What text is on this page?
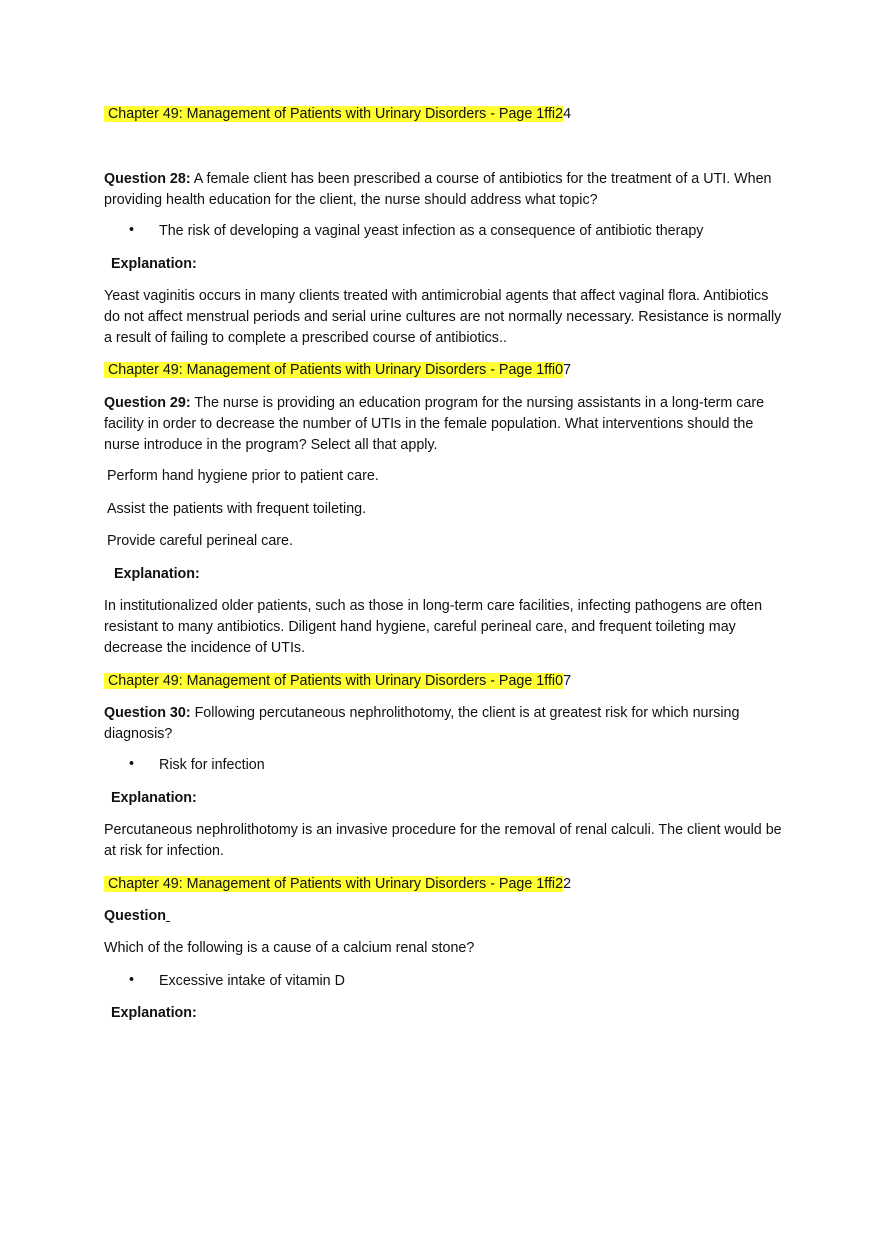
Chapter 49: Management of Patients with Urinary Disorders - Page 1ffi24
Question 28: A female client has been prescribed a course of antibiotics for the treatment of a UTI. When providing health education for the client, the nurse should address what topic?
• The risk of developing a vaginal yeast infection as a consequence of antibiotic therapy
Explanation:
Yeast vaginitis occurs in many clients treated with antimicrobial agents that affect vaginal flora. Antibiotics do not affect menstrual periods and serial urine cultures are not normally necessary. Resistance is normally a result of failing to complete a prescribed course of antibiotics..
Chapter 49: Management of Patients with Urinary Disorders - Page 1ffi07
Question 29: The nurse is providing an education program for the nursing assistants in a long-term care facility in order to decrease the number of UTIs in the female population. What interventions should the nurse introduce in the program? Select all that apply.
Perform hand hygiene prior to patient care.
Assist the patients with frequent toileting.
Provide careful perineal care.
Explanation:
In institutionalized older patients, such as those in long-term care facilities, infecting pathogens are often resistant to many antibiotics. Diligent hand hygiene, careful perineal care, and frequent toileting may decrease the incidence of UTIs.
Chapter 49: Management of Patients with Urinary Disorders - Page 1ffi07
Question 30: Following percutaneous nephrolithotomy, the client is at greatest risk for which nursing diagnosis?
• Risk for infection
Explanation:
Percutaneous nephrolithotomy is an invasive procedure for the removal of renal calculi. The client would be at risk for infection.
Chapter 49: Management of Patients with Urinary Disorders - Page 1ffi22
Question
Which of the following is a cause of a calcium renal stone?
• Excessive intake of vitamin D
Explanation:
